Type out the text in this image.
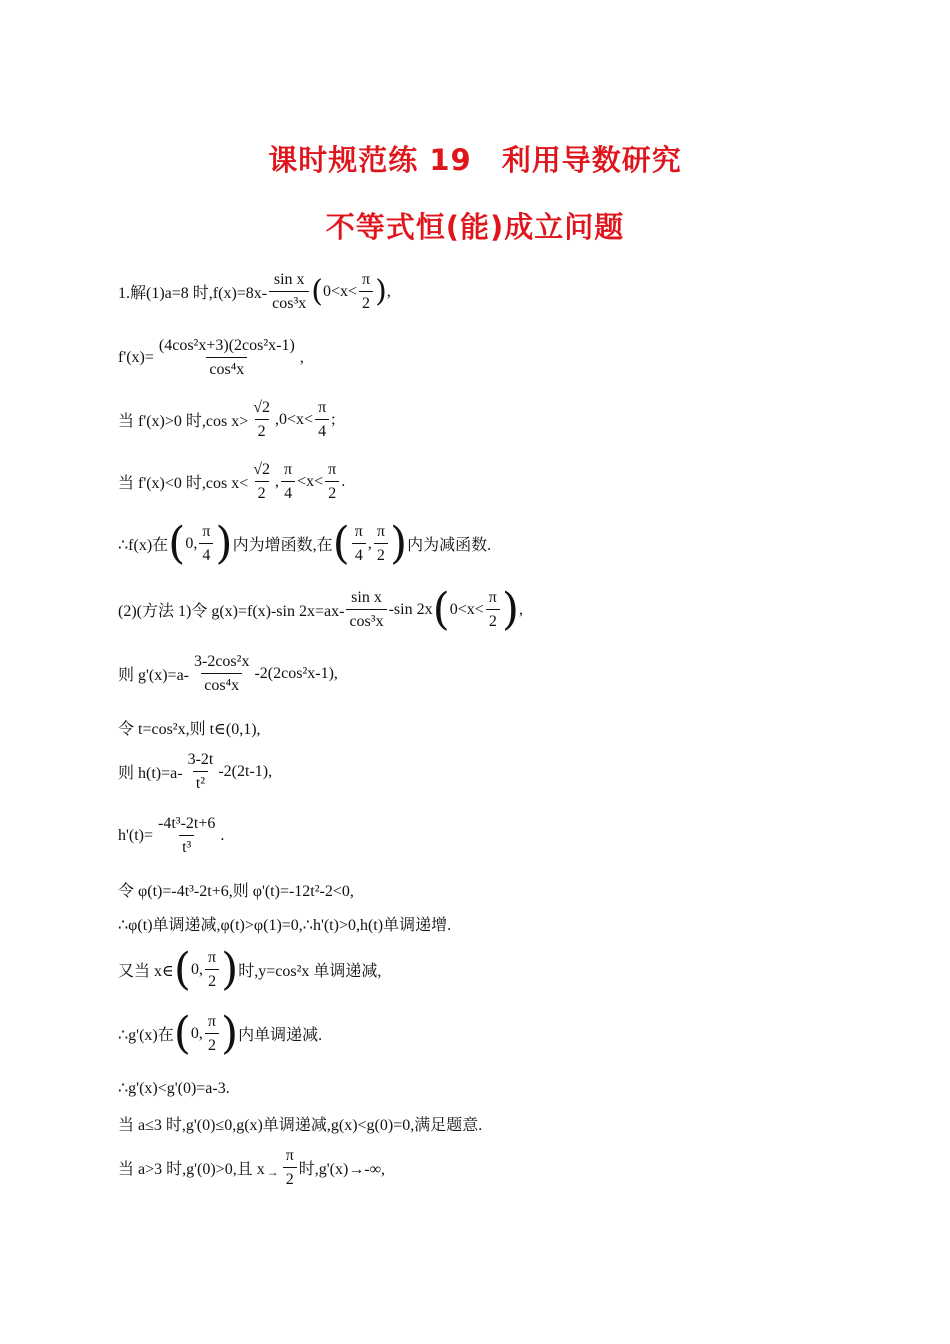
课时规范练 19　利用导数研究
不等式恒(能)成立问题
1.解(1)a=8 时$,f(x)=8x- \frac{\text{sin x}}{\text{cos³x}}$ ( $0<x< \frac{\pi}{2}$ ) ,
$f'(x)= \frac{\text{(4cos²x+3)(2cos²x-1)}}{\text{cos⁴x}}$ ,
当 f'(x)>0 时,cos $x> \frac{√2}{2} ,0<x< \frac{\pi}{4}$ ;
当 f'(x)<0 时,cos $x< \frac{√2}{2}$ , $\frac{\pi}{4} <x< \frac{\pi}{2}$ .
∴f(x)在 ( 0, $\frac{\pi}{4}$ ) 内为增函数,在 ( $\frac{\pi}{4}$ , $\frac{\pi}{2}$ ) 内为减函数.
(2)(方法 1)令 g(x)=f(x)-sin $2x=ax- \frac{\text{sin x}}{\text{cos³x}} -\sin$ 2x ( $0<x< \frac{\pi}{2}$ ) ,
则 $g'(x)=a- \frac{\text{3-2cos²x}}{\text{cos⁴x}} -2(2\cos^2x-1)$,
令 t=cos²x,则 t∈(0,1),
则 $h(t)=a- \frac{3-2t}{\text{t²}} -2(2t-1)$,
$h'(t)= \frac{\text{-4t³-2t+6}}{\text{t³}}$ .
令 φ(t)=-4t³-2t+6,则 φ'(t)=-12t²-2<0,
∴φ(t)单调递减,φ(t)>φ(1)=0,∴h'(t)>0,h(t)单调递增.
又当 x∈ ( 0, $\frac{\pi}{2}$ ) 时,y=cos²x 单调递减,
∴g'(x)在 ( 0, $\frac{\pi}{2}$ ) 内单调递减.
∴g'(x)<g'(0)=a-3.
当 a≤3 时,g'(0)≤0,g(x)单调递减,g(x)<g(0)=0,满足题意.
当 a>3 时,g'(0)>0,且 $x \to \frac{\pi}{2}$ 时,g'(x)→-∞,
